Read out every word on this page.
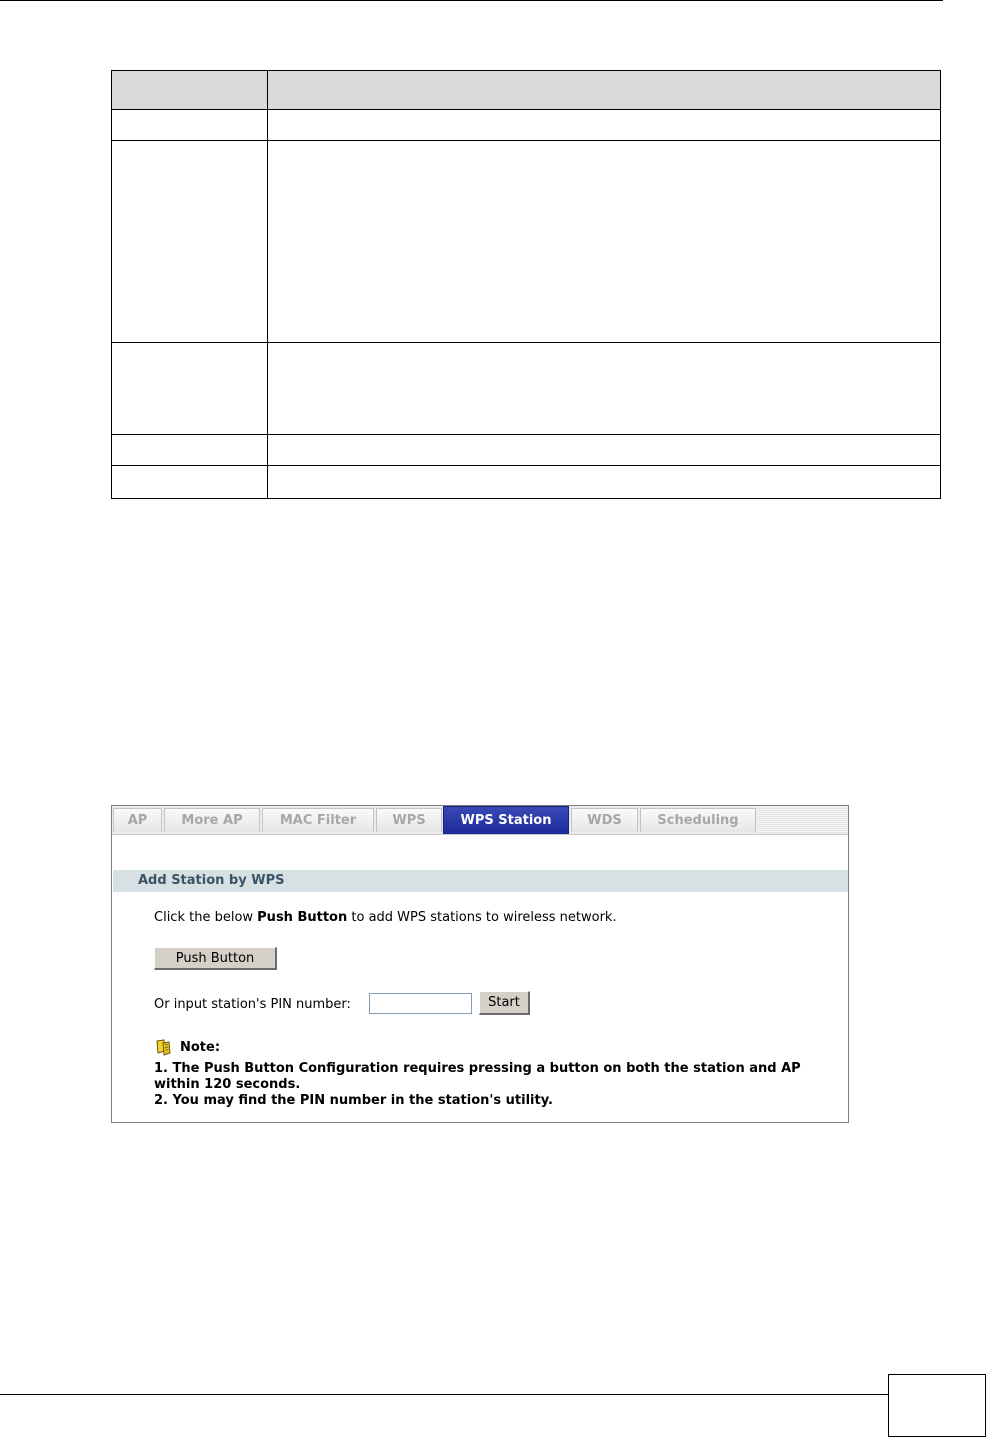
AP	More AP	MAC Filter	WPS	WPS Station	WDS	Scheduling
Add Station by WPS
Click the below Push Button to add WPS stations to wireless network.
Push Button
Or input station's PIN number:	Start
Note:
1. The Push Button Configuration requires pressing a button on both the station and AP
within 120 seconds.
2. You may find the PIN number in the station's utility.
